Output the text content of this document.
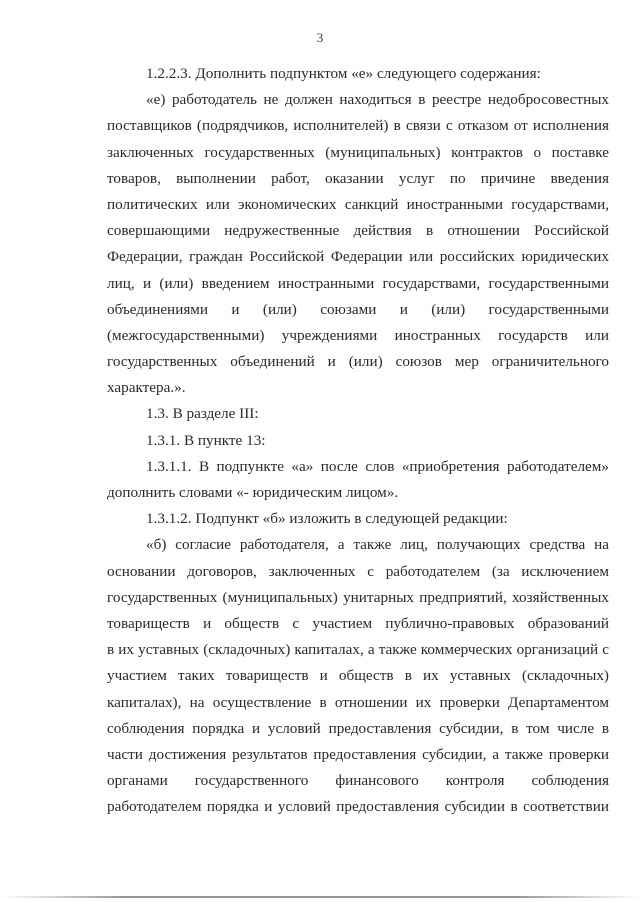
3
1.2.2.3. Дополнить подпунктом «е» следующего содержания:
«е) работодатель не должен находиться в реестре недобросовестных
поставщиков (подрядчиков, исполнителей) в связи с отказом от исполнения
заключенных государственных (муниципальных) контрактов о поставке
товаров, выполнении работ, оказании услуг по причине введения
политических или экономических санкций иностранными государствами,
совершающими недружественные действия в отношении Российской
Федерации, граждан Российской Федерации или российских юридических
лиц, и (или) введением иностранными государствами, государственными
объединениями и (или) союзами и (или) государственными
(межгосударственными) учреждениями иностранных государств или
государственных объединений и (или) союзов мер ограничительного
характера.».
1.3. В разделе III:
1.3.1. В пункте 13:
1.3.1.1. В подпункте «а» после слов «приобретения работодателем»
дополнить словами «- юридическим лицом».
1.3.1.2. Подпункт «б» изложить в следующей редакции:
«б) согласие работодателя, а также лиц, получающих средства на
основании договоров, заключенных с работодателем (за исключением
государственных (муниципальных) унитарных предприятий, хозяйственных
товариществ и обществ с участием публично-правовых образований
в их уставных (складочных) капиталах, а также коммерческих организаций с
участием таких товариществ и обществ в их уставных (складочных)
капиталах), на осуществление в отношении их проверки Департаментом
соблюдения порядка и условий предоставления субсидии, в том числе в
части достижения результатов предоставления субсидии, а также проверки
органами государственного финансового контроля соблюдения
работодателем порядка и условий предоставления субсидии в соответствии
